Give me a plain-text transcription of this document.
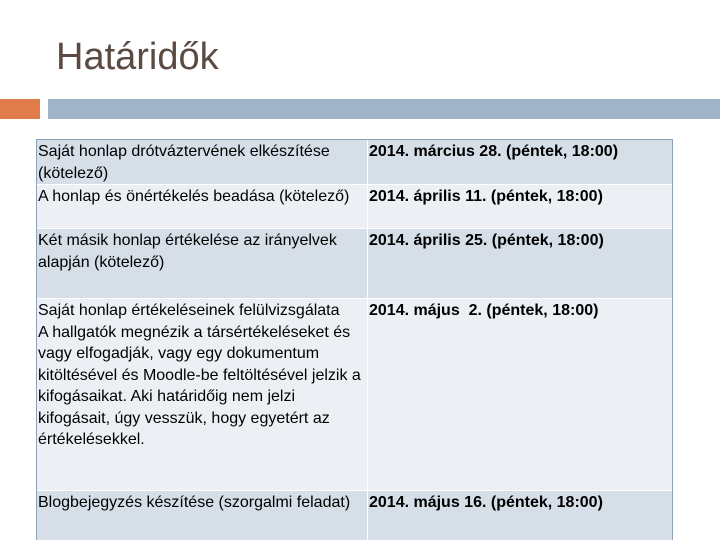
Határidők
Saját honlap drótváztervének elkészítése (kötelező)	2014. március 28. (péntek, 18:00)
A honlap és önértékelés beadása (kötelező)	2014. április 11. (péntek, 18:00)
Két másik honlap értékelése az irányelvek alapján (kötelező)	2014. április 25. (péntek, 18:00)
Saját honlap értékeléseinek felülvizsgálata
A hallgatók megnézik a társértékeléseket és vagy elfogadják, vagy egy dokumentum kitöltésével és Moodle-be feltöltésével jelzik a kifogásaikat. Aki határidőig nem jelzi kifogásait, úgy vesszük, hogy egyetért az értékelésekkel.	2014. május  2. (péntek, 18:00)
Blogbejegyzés készítése (szorgalmi feladat)	2014. május 16. (péntek, 18:00)
